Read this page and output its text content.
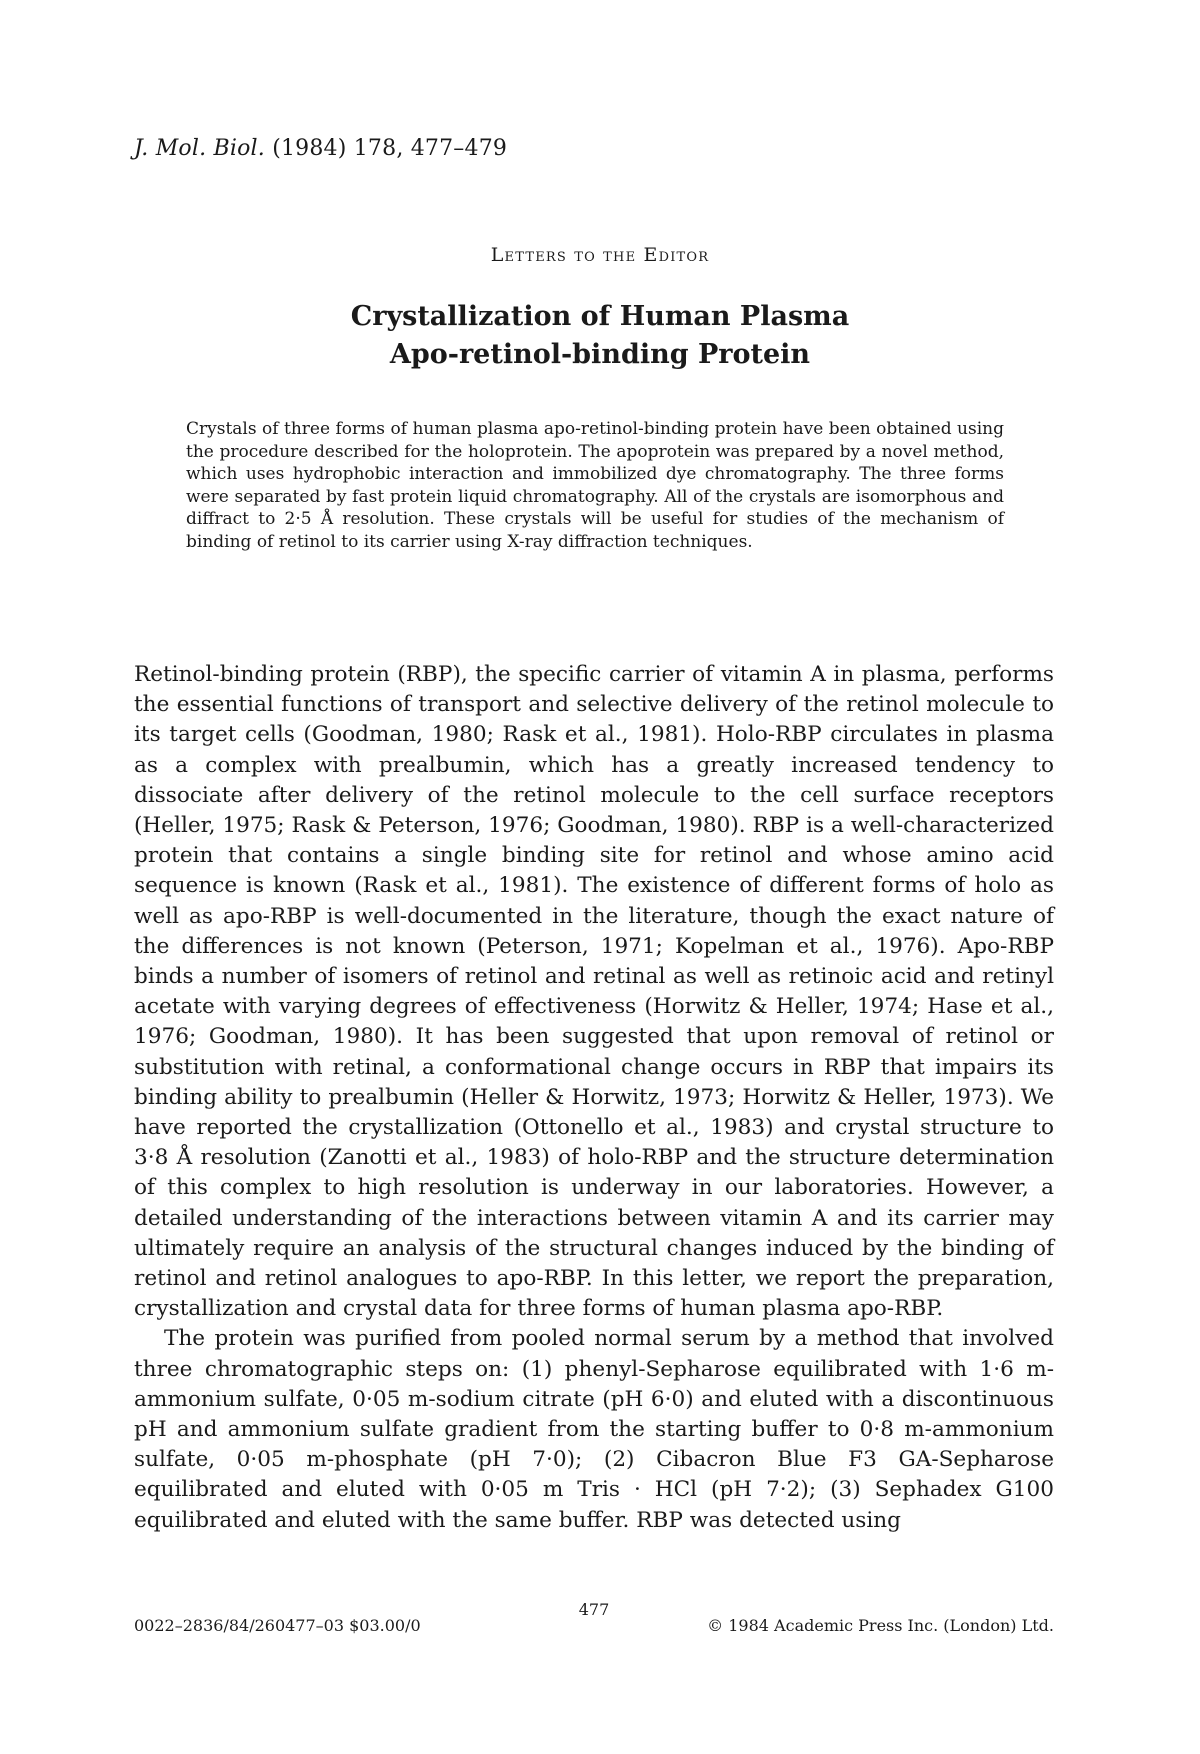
J. Mol. Biol. (1984) 178, 477–479
Letters to the Editor
Crystallization of Human Plasma
Apo-retinol-binding Protein
Crystals of three forms of human plasma apo-retinol-binding protein have been obtained using the procedure described for the holoprotein. The apoprotein was prepared by a novel method, which uses hydrophobic interaction and immobilized dye chromatography. The three forms were separated by fast protein liquid chromatography. All of the crystals are isomorphous and diffract to 2·5 Å resolution. These crystals will be useful for studies of the mechanism of binding of retinol to its carrier using X-ray diffraction techniques.

Retinol-binding protein (RBP), the specific carrier of vitamin A in plasma, performs the essential functions of transport and selective delivery of the retinol molecule to its target cells (Goodman, 1980; Rask et al., 1981). Holo-RBP circulates in plasma as a complex with prealbumin, which has a greatly increased tendency to dissociate after delivery of the retinol molecule to the cell surface receptors (Heller, 1975; Rask & Peterson, 1976; Goodman, 1980). RBP is a well-characterized protein that contains a single binding site for retinol and whose amino acid sequence is known (Rask et al., 1981). The existence of different forms of holo as well as apo-RBP is well-documented in the literature, though the exact nature of the differences is not known (Peterson, 1971; Kopelman et al., 1976). Apo-RBP binds a number of isomers of retinol and retinal as well as retinoic acid and retinyl acetate with varying degrees of effectiveness (Horwitz & Heller, 1974; Hase et al., 1976; Goodman, 1980). It has been suggested that upon removal of retinol or substitution with retinal, a conformational change occurs in RBP that impairs its binding ability to prealbumin (Heller & Horwitz, 1973; Horwitz & Heller, 1973). We have reported the crystallization (Ottonello et al., 1983) and crystal structure to 3·8 Å resolution (Zanotti et al., 1983) of holo-RBP and the structure determination of this complex to high resolution is underway in our laboratories. However, a detailed understanding of the interactions between vitamin A and its carrier may ultimately require an analysis of the structural changes induced by the binding of retinol and retinol analogues to apo-RBP. In this letter, we report the preparation, crystallization and crystal data for three forms of human plasma apo-RBP.

The protein was purified from pooled normal serum by a method that involved three chromatographic steps on: (1) phenyl-Sepharose equilibrated with 1·6 m-ammonium sulfate, 0·05 m-sodium citrate (pH 6·0) and eluted with a discontinuous pH and ammonium sulfate gradient from the starting buffer to 0·8 m-ammonium sulfate, 0·05 m-phosphate (pH 7·0); (2) Cibacron Blue F3 GA-Sepharose equilibrated and eluted with 0·05 m Tris · HCl (pH 7·2); (3) Sephadex G100 equilibrated and eluted with the same buffer. RBP was detected using

0022–2836/84/260477–03 $03.00/0
477
© 1984 Academic Press Inc. (London) Ltd.
